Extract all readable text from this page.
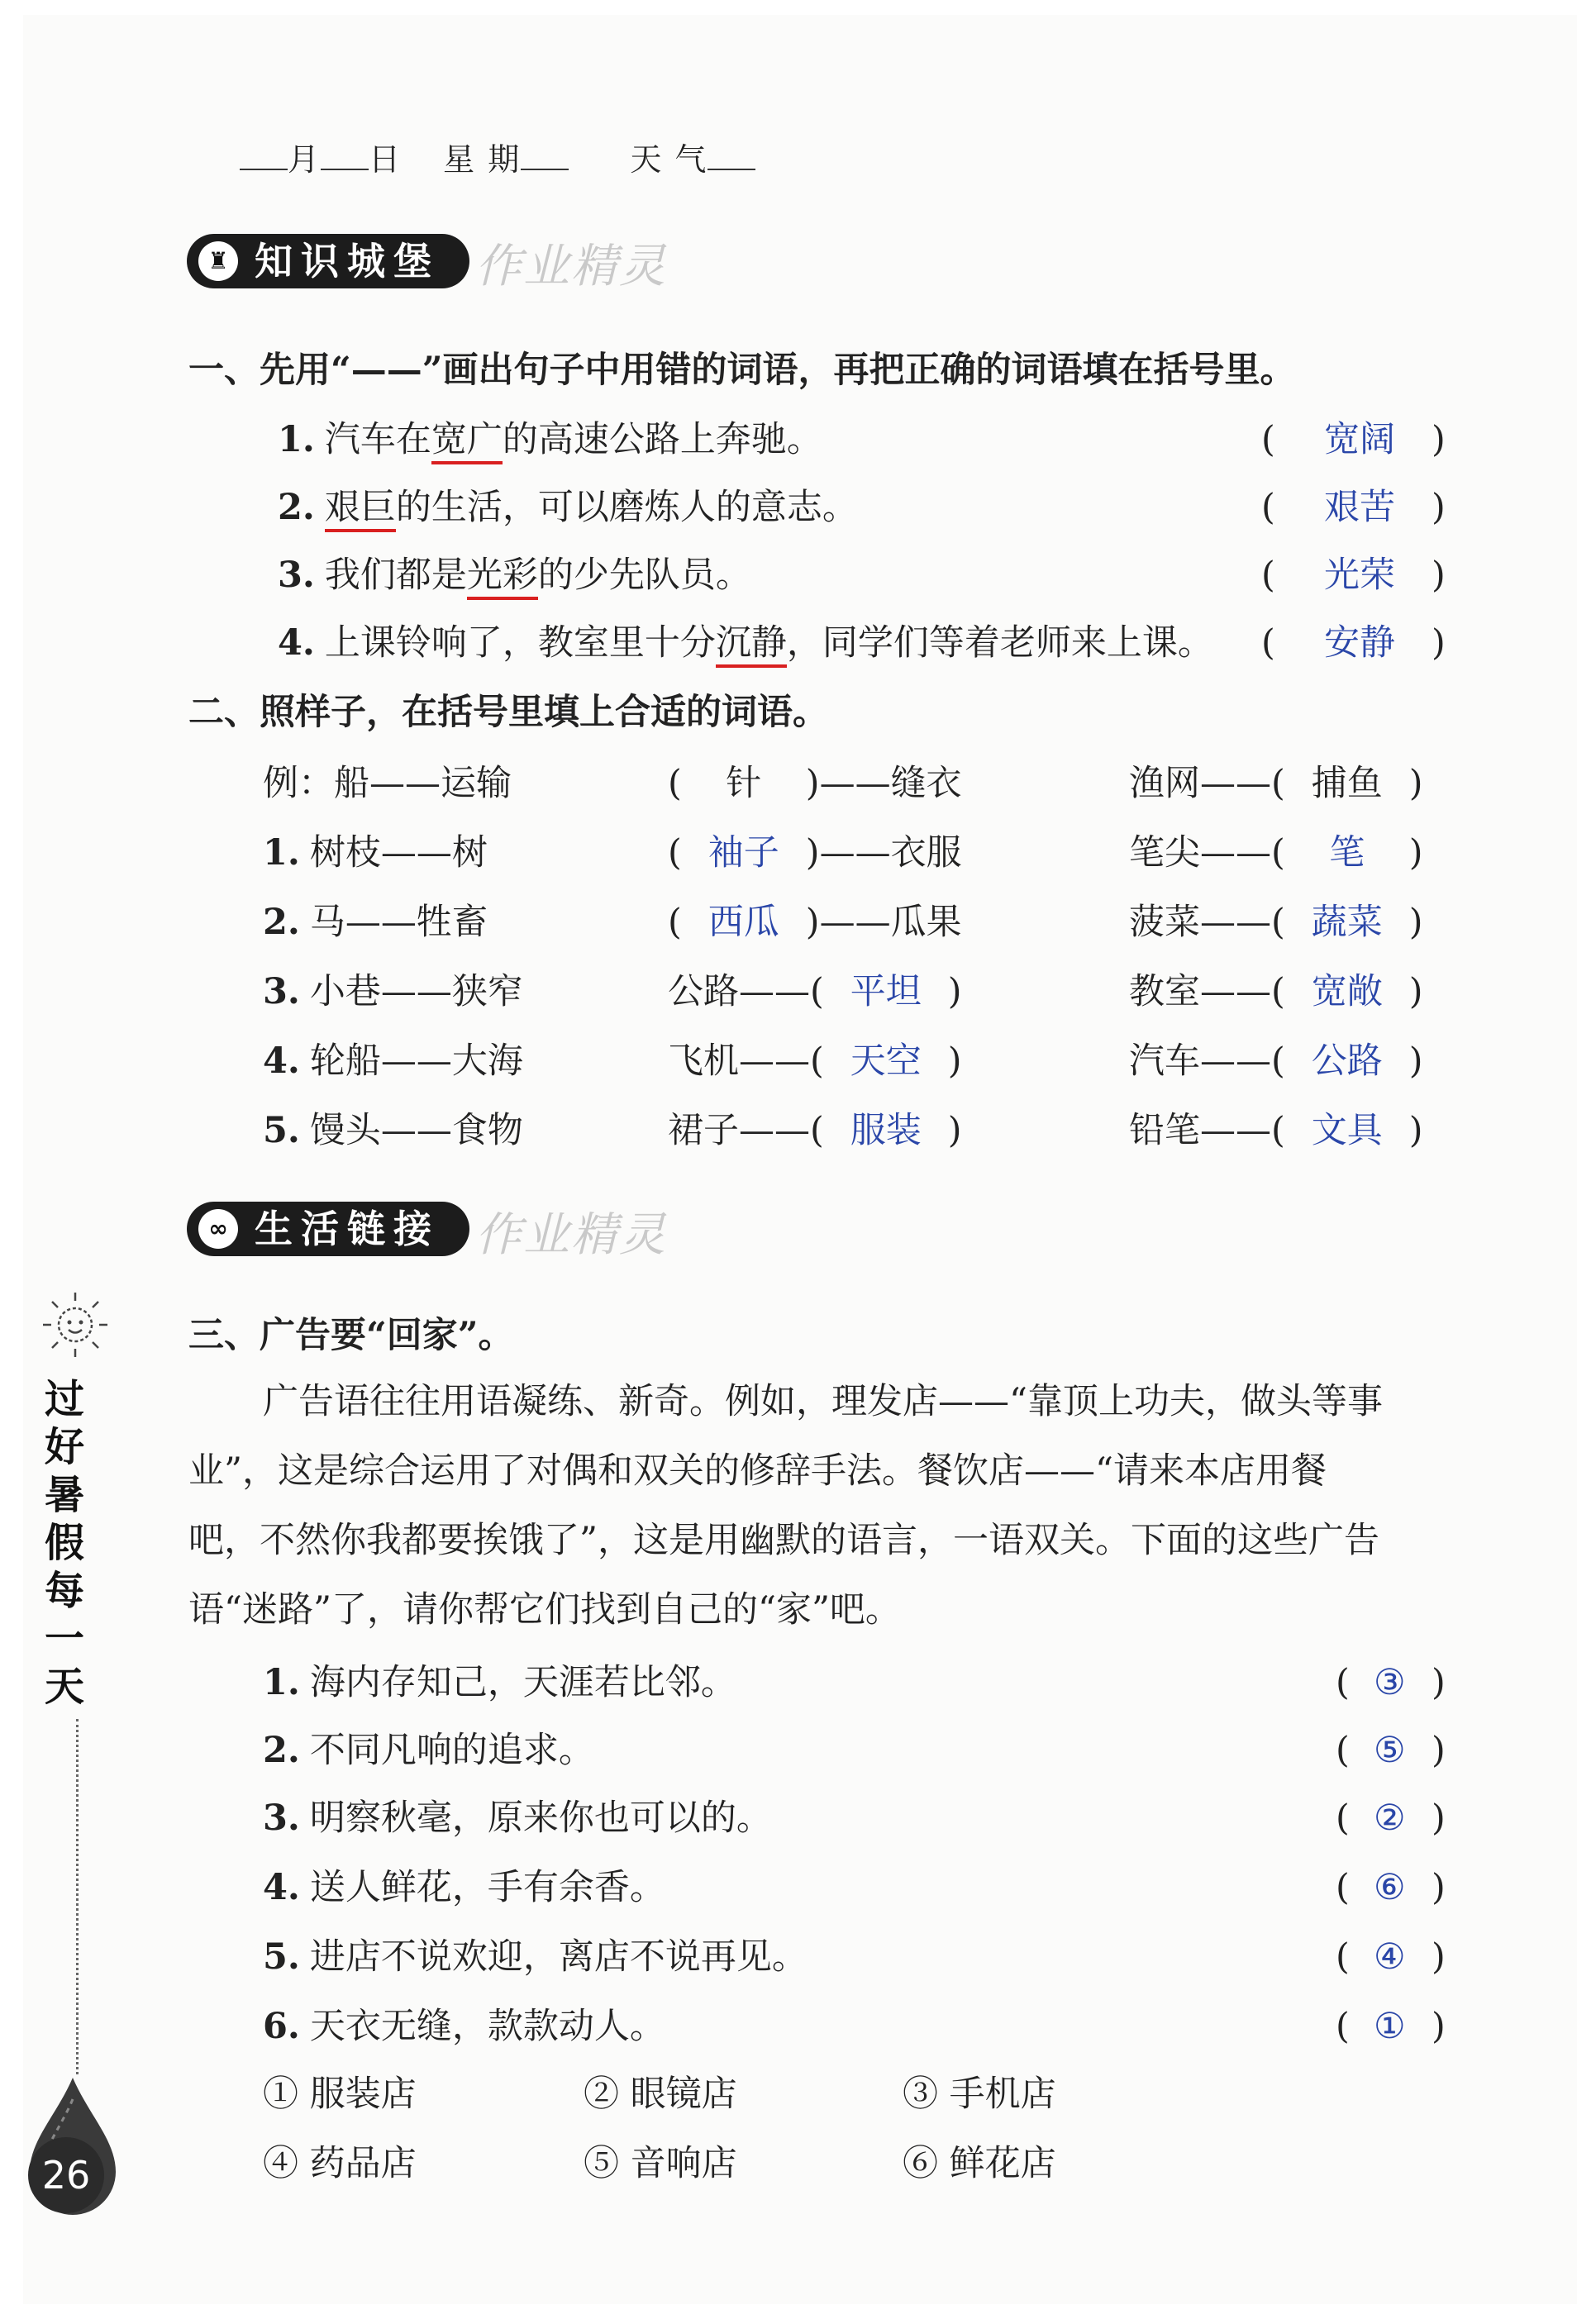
月 日 星 期	天 气
♜ 知识城堡 作业精灵
一、先用“——”画出句子中用错的词语，再把正确的词语填在括号里。
1. 汽车在宽广的高速公路上奔驰。	( 宽阔 )
2. 艰巨的生活，可以磨炼人的意志。	( 艰苦 )
3. 我们都是光彩的少先队员。	( 光荣 )
4. 上课铃响了，教室里十分沉静，同学们等着老师来上课。 ( 安静 )
二、照样子，在括号里填上合适的词语。
例：船——运输	( 针 )——缝衣	渔网——( 捕鱼 )
1. 树枝——树	( 袖子 )——衣服	笔尖——( 笔 )
2. 马——牲畜	( 西瓜 )——瓜果	菠菜——( 蔬菜 )
3. 小巷——狭窄	公路——( 平坦 )	教室——( 宽敞 )
4. 轮船——大海	飞机——( 天空 )	汽车——( 公路 )
5. 馒头——食物	裙子——( 服装 )	铅笔——( 文具 )
∞ 生活链接 作业精灵
三、广告要“回家”。
广告语往往用语凝练、新奇。例如，理发店——“靠顶上功夫，做头等事
业”，这是综合运用了对偶和双关的修辞手法。餐饮店——“请来本店用餐
吧，不然你我都要挨饿了”，这是用幽默的语言，一语双关。下面的这些广告
语“迷路”了，请你帮它们找到自己的“家”吧。
1. 海内存知己，天涯若比邻。	( ③ )
2. 不同凡响的追求。	( ⑤ )
3. 明察秋毫，原来你也可以的。	( ② )
4. 送人鲜花，手有余香。	( ⑥ )
5. 进店不说欢迎，离店不说再见。	( ④ )
6. 天衣无缝，款款动人。	( ① )
① 服装店	② 眼镜店	③ 手机店
④ 药品店	⑤ 音响店	⑥ 鲜花店
过
好
暑
假
每
一
天
26
